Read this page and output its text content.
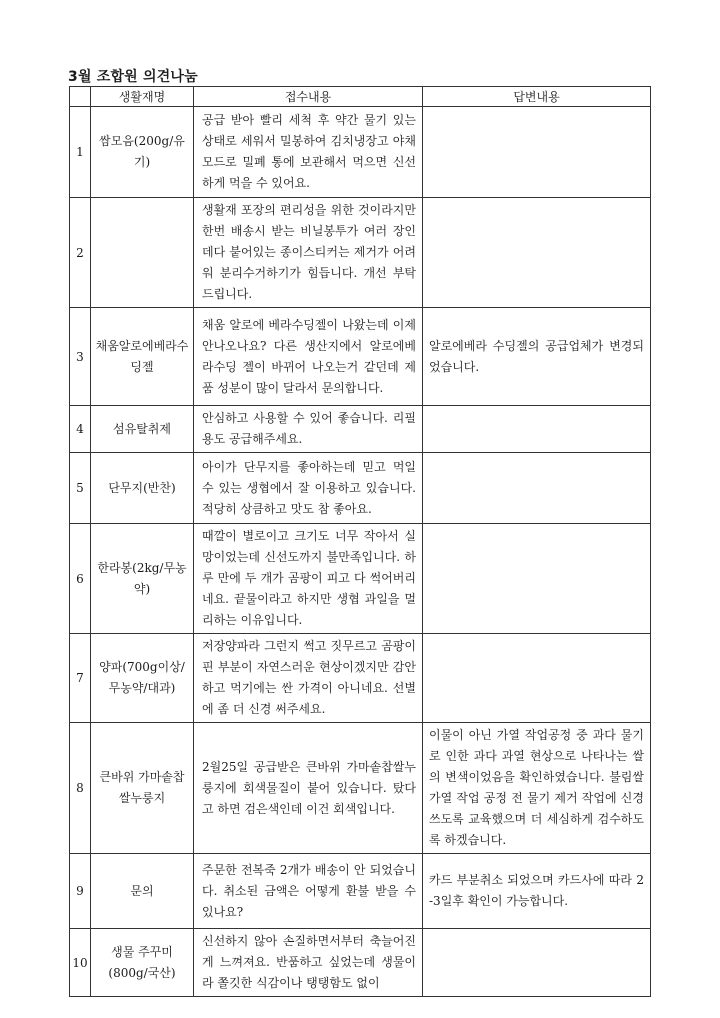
3월 조합원 의견나눔
	생활재명	접수내용	답변내용
1	쌈모음(200g/유기)	공급 받아 빨리 세척 후 약간 물기 있는 상태로 세워서 밀봉하여 김치냉장고 야채모드로 밀폐 통에 보관해서 먹으면 신선하게 먹을 수 있어요.	
2		생활재 포장의 편리성을 위한 것이라지만 한번 배송시 받는 비닐봉투가 여러 장인데다 붙어있는 종이스티커는 제거가 어려워 분리수거하기가 힘듭니다. 개선 부탁드립니다.	
3	채움알로에베라수딩젤	채움 알로에 베라수딩젤이 나왔는데 이제 안나오나요? 다른 생산지에서 알로에베라수딩 젤이 바뀌어 나오는거 같던데 제품 성분이 많이 달라서 문의합니다.	알로에베라 수딩젤의 공급업체가 변경되었습니다.
4	섬유탈취제	안심하고 사용할 수 있어 좋습니다. 리필용도 공급해주세요.	
5	단무지(반찬)	아이가 단무지를 좋아하는데 믿고 먹일 수 있는 생협에서 잘 이용하고 있습니다. 적당히 상큼하고 맛도 참 좋아요.	
6	한라봉(2kg/무농약)	때깔이 별로이고 크기도 너무 작아서 실망이었는데 신선도까지 불만족입니다. 하루 만에 두 개가 곰팡이 피고 다 썩어버리네요. 끝물이라고 하지만 생협 과일을 멀리하는 이유입니다.	
7	양파(700g이상/무농약/대과)	저장양파라 그런지 썩고 짓무르고 곰팡이 핀 부분이 자연스러운 현상이겠지만 감안하고 먹기에는 싼 가격이 아니네요. 선별에 좀 더 신경 써주세요.	
8	큰바위 가마솥찹쌀누룽지	2월25일 공급받은 큰바위 가마솥찹쌀누룽지에 회색물질이 붙어 있습니다. 탔다고 하면 검은색인데 이건 회색입니다.	이물이 아닌 가열 작업공정 중 과다 물기로 인한 과다 과열 현상으로 나타나는 쌀의 변색이었음을 확인하였습니다. 불림쌀 가열 작업 공정 전 물기 제거 작업에 신경쓰도록 교육했으며 더 세심하게 검수하도록 하겠습니다.
9	문의	주문한 전복죽 2개가 배송이 안 되었습니다. 취소된 금액은 어떻게 환불 받을 수 있나요?	카드 부분취소 되었으며 카드사에 따라 2-3일후 확인이 가능합니다.
10	생물 주꾸미(800g/국산)	신선하지 않아 손질하면서부터 축늘어진게 느껴져요. 반품하고 싶었는데 생물이라 쫄깃한 식감이나 탱탱함도 없이	
